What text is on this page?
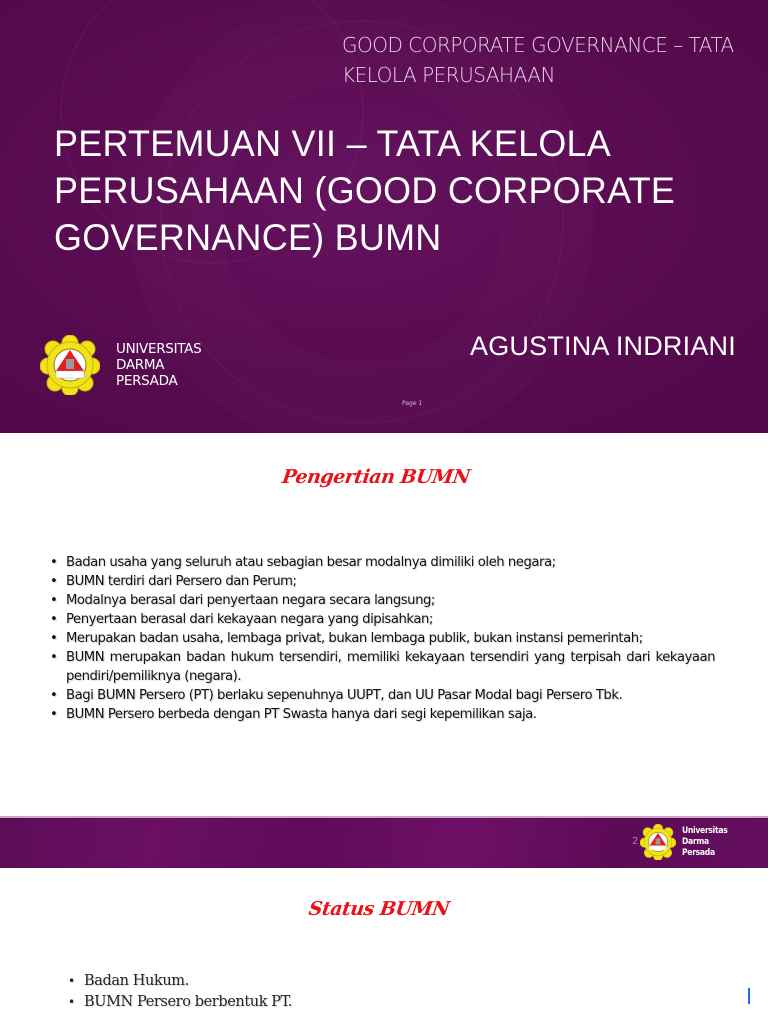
GOOD CORPORATE GOVERNANCE – TATA KELOLA PERUSAHAAN
PERTEMUAN VII – TATA KELOLA PERUSAHAAN (GOOD CORPORATE GOVERNANCE) BUMN
UNIVERSITAS
DARMA
PERSADA
AGUSTINA INDRIANI
Page 1
Pengertian BUMN
• Badan usaha yang seluruh atau sebagian besar modalnya dimiliki oleh negara;
• BUMN terdiri dari Persero dan Perum;
• Modalnya berasal dari penyertaan negara secara langsung;
• Penyertaan berasal dari kekayaan negara yang dipisahkan;
• Merupakan badan usaha, lembaga privat, bukan lembaga publik, bukan instansi pemerintah;
• BUMN merupakan badan hukum tersendiri, memiliki kekayaan tersendiri yang terpisah dari kekayaan pendiri/pemiliknya (negara).
• Bagi BUMN Persero (PT) berlaku sepenuhnya UUPT, dan UU Pasar Modal bagi Persero Tbk.
• BUMN Persero berbeda dengan PT Swasta hanya dari segi kepemilikan saja.
2
Universitas
Darma
Persada
Status BUMN
• Badan Hukum.
• BUMN Persero berbentuk PT.
